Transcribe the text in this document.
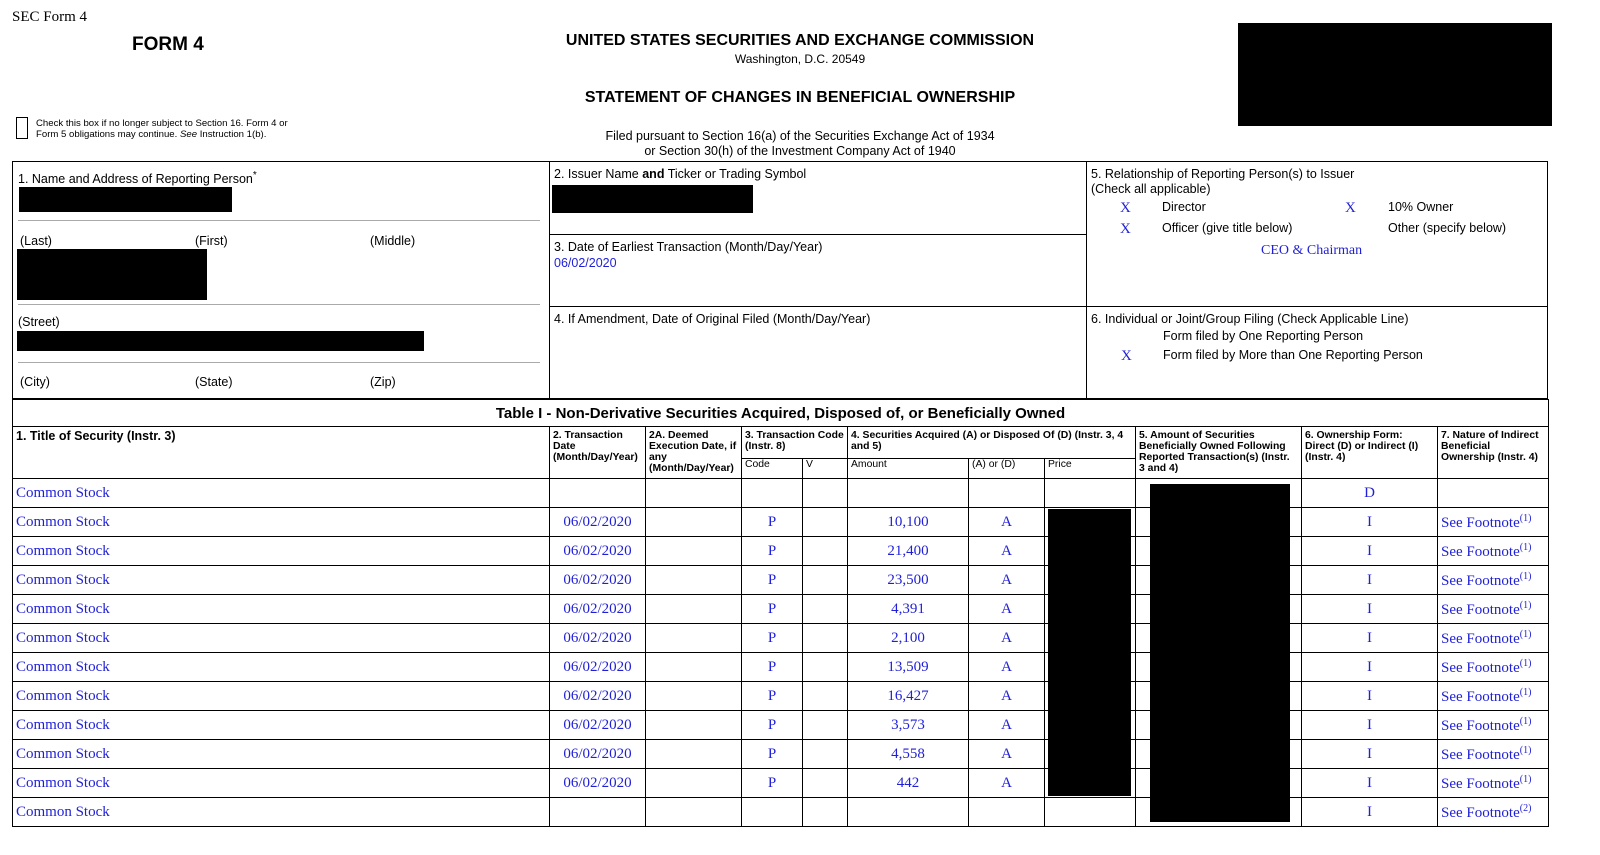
SEC Form 4
FORM 4	UNITED STATES SECURITIES AND EXCHANGE COMMISSION
Washington, D.C. 20549
STATEMENT OF CHANGES IN BENEFICIAL OWNERSHIP
Filed pursuant to Section 16(a) of the Securities Exchange Act of 1934
or Section 30(h) of the Investment Company Act of 1940
Check this box if no longer subject to Section 16. Form 4 or
Form 5 obligations may continue. See Instruction 1(b).
1. Name and Address of Reporting Person*
(Last)	(First)	(Middle)
(Street)
(City)	(State)	(Zip)
2. Issuer Name and Ticker or Trading Symbol
3. Date of Earliest Transaction (Month/Day/Year)
06/02/2020
4. If Amendment, Date of Original Filed (Month/Day/Year)
5. Relationship of Reporting Person(s) to Issuer
(Check all applicable)
X Director	X	10% Owner
X Officer (give title below)	Other (specify below)
CEO & Chairman
6. Individual or Joint/Group Filing (Check Applicable Line)
Form filed by One Reporting Person
X Form filed by More than One Reporting Person
Table I - Non-Derivative Securities Acquired, Disposed of, or Beneficially Owned										
1. Title of Security (Instr. 3)	2. Transaction Date (Month/Day/Year)	2A. Deemed Execution Date, if any (Month/Day/Year)	3. Transaction Code (Instr. 8)		4. Securities Acquired (A) or Disposed Of (D) (Instr. 3, 4 and 5)			5. Amount of Securities Beneficially Owned Following Reported Transaction(s) (Instr. 3 and 4)	6. Ownership Form: Direct (D) or Indirect (I) (Instr. 4)	7. Nature of Indirect Beneficial Ownership (Instr. 4)
			Code	V	Amount	(A) or (D)	Price			
Common Stock									D	
Common Stock	06/02/2020		P		10,100	A			I	See Footnote$^{(1)}$
Common Stock	06/02/2020		P		21,400	A			I	See Footnote$^{(1)}$
Common Stock	06/02/2020		P		23,500	A			I	See Footnote$^{(1)}$
Common Stock	06/02/2020		P		4,391	A			I	See Footnote$^{(1)}$
Common Stock	06/02/2020		P		2,100	A			I	See Footnote$^{(1)}$
Common Stock	06/02/2020		P		13,509	A			I	See Footnote$^{(1)}$
Common Stock	06/02/2020		P		16,427	A			I	See Footnote$^{(1)}$
Common Stock	06/02/2020		P		3,573	A			I	See Footnote$^{(1)}$
Common Stock	06/02/2020		P		4,558	A			I	See Footnote$^{(1)}$
Common Stock	06/02/2020		P		442	A			I	See Footnote$^{(1)}$
Common Stock									I	See Footnote$^{(2)}$
